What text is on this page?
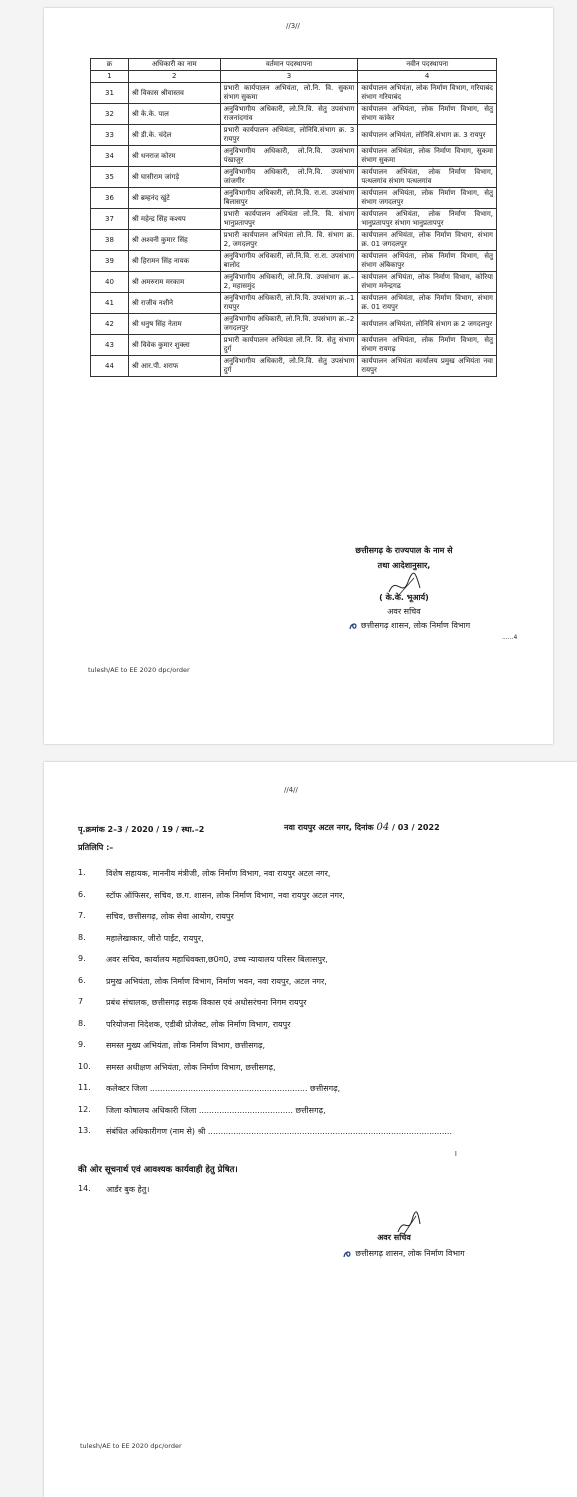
//3//
क्र	अधिकारी का नाम	वर्तमान पदस्थापना	नवीन पदस्थापना
1	2	3	4
31	श्री विकास श्रीवास्तव	प्रभारी कार्यपालन अभियंता, लो.नि. वि. सुकमा संभाग सुकमा	कार्यपालन अभियंता, लोक निर्माण विभाग, गरियाबंद संभाग गरियाबंद
32	श्री के.के. पाल	अनुविभागीय अधिकारी, लो.नि.वि. सेतु उपसंभाग राजनांदगांव	कार्यपालन अभियंता, लोक निर्माण विभाग, सेतु संभाग कांकेर
33	श्री डी.के. चंदेल	प्रभारी कार्यपालन अभियंता, लोनिवि.संभाग क्र. 3 रायपुर	कार्यपालन अभियंता, लोनिवि.संभाग क्र. 3 रायपुर
34	श्री धनराज कोरम	अनुविभागीय अधिकारी, लो.नि.वि. उपसंभाग पंखाजुर	कार्यपालन अभियंता, लोक निर्माण विभाग, सुकमा संभाग सुकमा
35	श्री घासीराम जांगड़े	अनुविभागीय अधिकारी, लो.नि.वि. उपसंभाग जांजगीर	कार्यपालन अभियंता, लोक निर्माण विभाग, पत्थलगांव संभाग पत्थलगांव
36	श्री ब्रम्हनंद खुंटे	अनुविभागीय अधिकारी, लो.नि.वि. रा.रा. उपसंभाग बिलासपुर	कार्यपालन अभियंता, लोक निर्माण विभाग, सेतु संभाग जगदलपुर
37	श्री महेन्द्र सिंह कश्यप	प्रभारी कार्यपालन अभियंता लो.नि. वि. संभाग भानुप्रतापपुर	कार्यपालन अभियंता, लोक निर्माण विभाग, भानुप्रतापपुर संभाग भानुप्रतापपुर
38	श्री अश्वनी कुमार सिंह	प्रभारी कार्यपालन अभियंता लो.नि. वि. संभाग क्र. 2, जगदलपुर	कार्यपालन अभियंता, लोक निर्माण विभाग, संभाग क्र. 01 जगदलपुर
39	श्री हिरामन सिंह नायक	अनुविभागीय अधिकारी, लो.नि.वि. रा.रा. उपसंभाग बालोद	कार्यपालन अभियंता, लोक निर्माण विभाग, सेतु संभाग अंबिकापुर
40	श्री अमरुराम मरकाम	अनुविभागीय अधिकारी, लो.नि.वि. उपसंभाग क्र.–2, महासमुंद	कार्यपालन अभियंता, लोक निर्माण विभाग, कोरिया संभाग मनेन्द्रगढ
41	श्री राजीव नशीने	अनुविभागीय अधिकारी, लो.नि.वि. उपसंभाग क्र.–1 रायपुर	कार्यपालन अभियंता, लोक निर्माण विभाग, संभाग क्र. 01 रायपुर
42	श्री धनुष सिंह नेताम	अनुविभागीय अधिकारी, लो.नि.वि. उपसंभाग क्र.–2 जगदलपुर	कार्यपालन अभियंता, लोनिवि संभाग क्र 2 जगदलपुर
43	श्री विवेक कुमार शुक्ला	प्रभारी कार्यपालन अभियंता लो.नि. वि. सेतु संभाग दुर्ग	कार्यपालन अभियंता, लोक निर्माण विभाग, सेतु संभाग रायगढ़
44	श्री आर.पी. शराफ	अनुविभागीय अधिकारी, लो.नि.वि. सेतु उपसंभाग दुर्ग	कार्यपालन अभियंता कार्यालय प्रमुख अभियंता नवा रायपुर
छत्तीसगढ़ के राज्यपाल के नाम से
तथा आदेशानुसार,
( के.के. भूआर्य)
अवर सचिव
छत्तीसगढ़ शासन, लोक निर्माण विभाग
......4
tulesh/AE to EE 2020 dpc/order
//4//
पृ.क्रमांक 2–3 / 2020 / 19 / स्था.–2	नवा रायपुर अटल नगर, दिनांक 04 / 03 / 2022
प्रतिलिपि :–
1.	विशेष सहायक, माननीय मंत्रीजी, लोक निर्माण विभाग, नवा रायपुर अटल नगर,
6.	स्टॉफ ऑफिसर, सचिव, छ.ग. शासन, लोक निर्माण विभाग, नवा रायपुर अटल नगर,
7.	सचिव, छत्तीसगढ़, लोक सेवा आयोग, रायपुर
8.	महालेखाकार, जीरो पाईंट, रायपुर,
9.	अवर सचिव, कार्यालय महाधिवक्ता,छ0ग0, उच्च न्यायालय परिसर बिलासपुर,
6.	प्रमुख अभियंता, लोक निर्माण विभाग, निर्माण भवन, नवा रायपुर, अटल नगर,
7	प्रबंध संचालक, छत्तीसगढ़ सड़क विकास एवं अधोसरंचना निगम रायपुर
8.	परियोजना निदेशक, एडीबी प्रोजेक्ट, लोक निर्माण विभाग, रायपुर
9.	समस्त मुख्य अभियंता, लोक निर्माण विभाग, छत्तीसगढ़,
10. समस्त अधीक्षण अभियंता, लोक निर्माण विभाग, छत्तीसगढ़,
11. कलेक्टर जिला .............................................................. छत्तीसगढ़,
12. जिला कोषालय अधिकारी जिला ..................................... छत्तीसगढ़,
13. संबंधित अधिकारीगण (नाम से) श्री ................................................................................................
।
की ओर सूचनार्थ एवं आवश्यक कार्यवाही हेतु प्रेषित।
14. आर्डर बुक हेतु।
अवर सचिव
छत्तीसगढ़ शासन, लोक निर्माण विभाग
tulesh/AE to EE 2020 dpc/order
